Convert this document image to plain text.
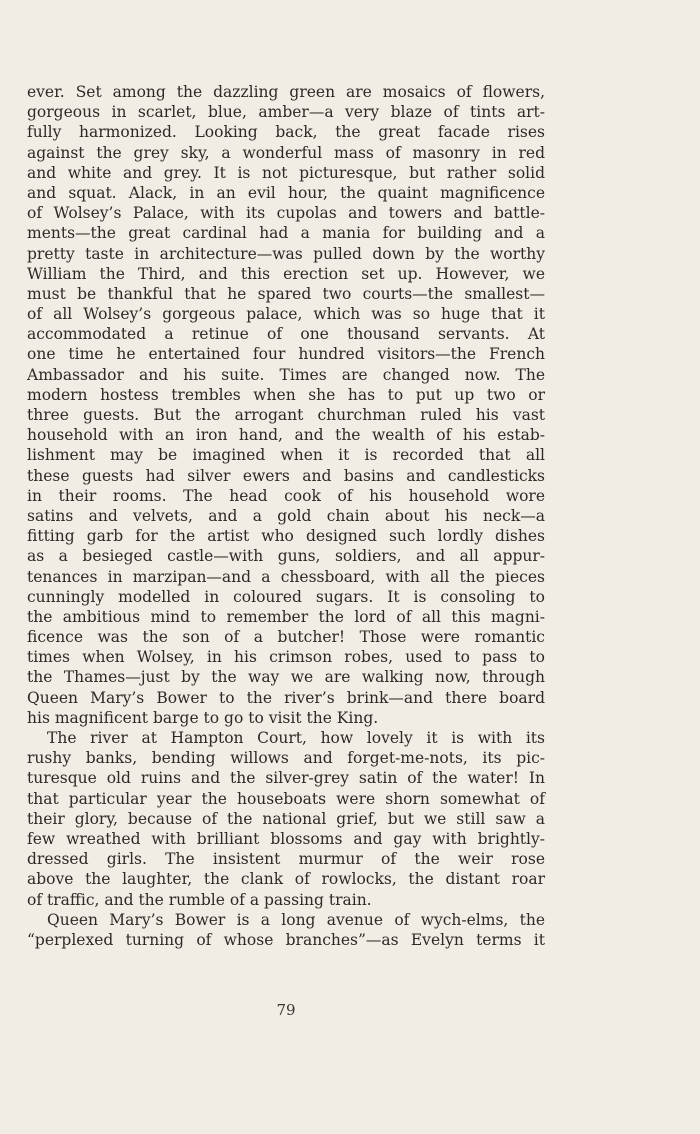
ever. Set among the dazzling green are mosaics of flowers,
gorgeous in scarlet, blue, amber—a very blaze of tints art-
fully harmonized. Looking back, the great facade rises
against the grey sky, a wonderful mass of masonry in red
and white and grey. It is not picturesque, but rather solid
and squat. Alack, in an evil hour, the quaint magnificence
of Wolsey’s Palace, with its cupolas and towers and battle-
ments—the great cardinal had a mania for building and a
pretty taste in architecture—was pulled down by the worthy
William the Third, and this erection set up. However, we
must be thankful that he spared two courts—the smallest—
of all Wolsey’s gorgeous palace, which was so huge that it
accommodated a retinue of one thousand servants. At
one time he entertained four hundred visitors—the French
Ambassador and his suite. Times are changed now. The
modern hostess trembles when she has to put up two or
three guests. But the arrogant churchman ruled his vast
household with an iron hand, and the wealth of his estab-
lishment may be imagined when it is recorded that all
these guests had silver ewers and basins and candlesticks
in their rooms. The head cook of his household wore
satins and velvets, and a gold chain about his neck—a
fitting garb for the artist who designed such lordly dishes
as a besieged castle—with guns, soldiers, and all appur-
tenances in marzipan—and a chessboard, with all the pieces
cunningly modelled in coloured sugars. It is consoling to
the ambitious mind to remember the lord of all this magni-
ficence was the son of a butcher! Those were romantic
times when Wolsey, in his crimson robes, used to pass to
the Thames—just by the way we are walking now, through
Queen Mary’s Bower to the river’s brink—and there board
his magnificent barge to go to visit the King.
The river at Hampton Court, how lovely it is with its
rushy banks, bending willows and forget-me-nots, its pic-
turesque old ruins and the silver-grey satin of the water! In
that particular year the houseboats were shorn somewhat of
their glory, because of the national grief, but we still saw a
few wreathed with brilliant blossoms and gay with brightly-
dressed girls. The insistent murmur of the weir rose
above the laughter, the clank of rowlocks, the distant roar
of traffic, and the rumble of a passing train.
Queen Mary’s Bower is a long avenue of wych-elms, the
“perplexed turning of whose branches”—as Evelyn terms it
79
